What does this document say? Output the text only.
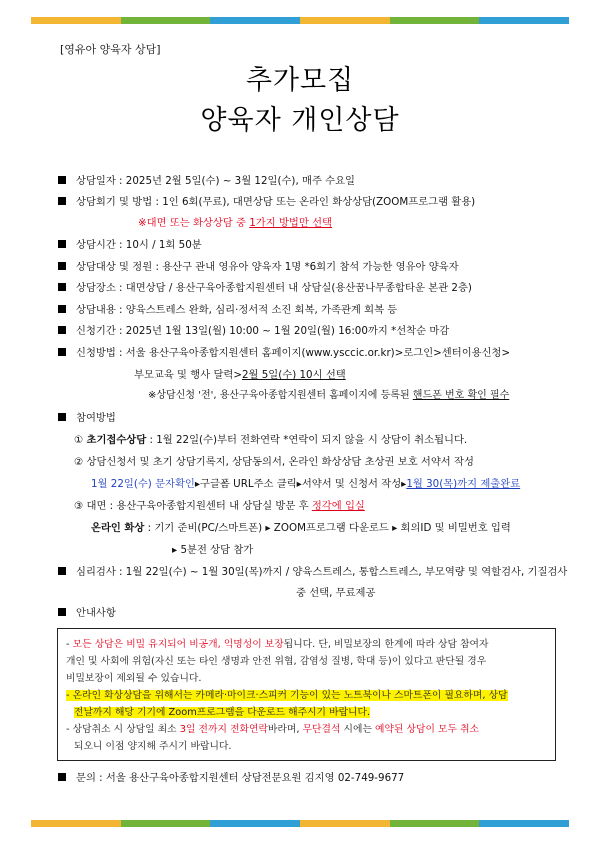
[영유아 양육자 상담]
추가모집
양육자 개인상담
상담일자 : 2025년 2월 5일(수) ~ 3월 12일(수), 매주 수요일
상담회기 및 방법 : 1인 6회(무료), 대면상담 또는 온라인 화상상담(ZOOM프로그램 활용)
※대면 또는 화상상담 중 1가지 방법만 선택
상담시간 : 10시 / 1회 50분
상담대상 및 정원 : 용산구 관내 영유아 양육자 1명 *6회기 참석 가능한 영유아 양육자
상담장소 : 대면상담 / 용산구육아종합지원센터 내 상담실(용산꿈나무종합타운 본관 2층)
상담내용 : 양육스트레스 완화, 심리·정서적 소진 회복, 가족관계 회복 등
신청기간 : 2025년 1월 13일(월) 10:00 ~ 1월 20일(월) 16:00까지 *선착순 마감
신청방법 : 서울 용산구육아종합지원센터 홈페이지(www.ysccic.or.kr)>로그인>센터이용신청>
부모교육 및 행사 달력>2월 5일(수) 10시 선택
※상담신청 '전', 용산구육아종합지원센터 홈페이지에 등록된 핸드폰 번호 확인 필수
참여방법
① 초기접수상담 : 1월 22일(수)부터 전화연락 *연락이 되지 않을 시 상담이 취소됩니다.
② 상담신청서 및 초기 상담기록지, 상담동의서, 온라인 화상상담 초상권 보호 서약서 작성
1월 22일(수) 문자확인▸구글폼 URL주소 클릭▸서약서 및 신청서 작성▸1월 30(목)까지 제출완료
③ 대면 : 용산구육아종합지원센터 내 상담실 방문 후 정각에 입실
온라인 화상 : 기기 준비(PC/스마트폰) ▸ ZOOM프로그램 다운로드 ▸ 회의ID 및 비밀번호 입력
▸ 5분전 상담 참가
심리검사 : 1월 22일(수) ~ 1월 30일(목)까지 / 양육스트레스, 통합스트레스, 부모역량 및 역할검사, 기질검사
중 선택, 무료제공
안내사항
- 모든 상담은 비밀 유지되어 비공개, 익명성이 보장됩니다. 단, 비밀보장의 한계에 따라 상담 참여자
개인 및 사회에 위험(자신 또는 타인 생명과 안전 위협, 감염성 질병, 학대 등)이 있다고 판단될 경우
비밀보장이 제외될 수 있습니다.
- 온라인 화상상담을 위해서는 카메라·마이크·스피커 기능이 있는 노트북이나 스마트폰이 필요하며, 상담
전날까지 해당 기기에 Zoom프로그램을 다운로드 해주시기 바랍니다.
- 상담취소 시 상담일 최소 3일 전까지 전화연락바라며, 무단결석 시에는 예약된 상담이 모두 취소
되오니 이점 양지해 주시기 바랍니다.
문의 : 서울 용산구육아종합지원센터 상담전문요원 김지영 02-749-9677
